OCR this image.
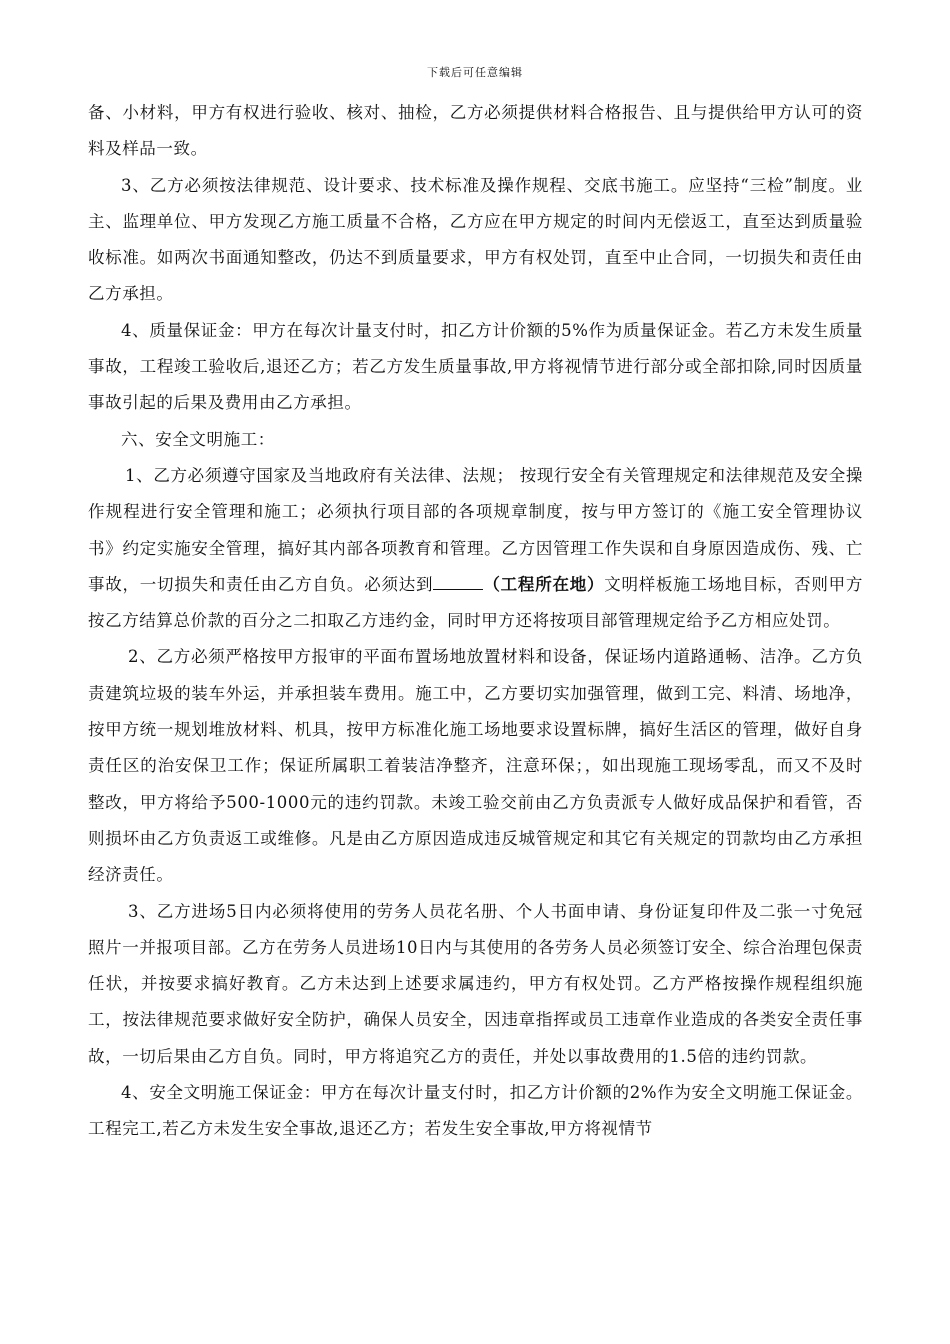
下载后可任意编辑

备、小材料，甲方有权进行验收、核对、抽检，乙方必须提供材料合格报告、且与提供给甲方认可的资料及样品一致。

3、乙方必须按法律规范、设计要求、技术标准及操作规程、交底书施工。应坚持“三检”制度。业主、监理单位、甲方发现乙方施工质量不合格，乙方应在甲方规定的时间内无偿返工，直至达到质量验收标准。如两次书面通知整改，仍达不到质量要求，甲方有权处罚，直至中止合同，一切损失和责任由乙方承担。

4、质量保证金：甲方在每次计量支付时，扣乙方计价额的5%作为质量保证金。若乙方未发生质量事故，工程竣工验收后,退还乙方；若乙方发生质量事故,甲方将视情节进行部分或全部扣除,同时因质量事故引起的后果及费用由乙方承担。

六、安全文明施工：

1、乙方必须遵守国家及当地政府有关法律、法规； 按现行安全有关管理规定和法律规范及安全操作规程进行安全管理和施工；必须执行项目部的各项规章制度，按与甲方签订的《施工安全管理协议书》约定实施安全管理，搞好其内部各项教育和管理。乙方因管理工作失误和自身原因造成伤、残、亡事故，一切损失和责任由乙方自负。必须达到	（工程所在地）文明样板施工场地目标，否则甲方按乙方结算总价款的百分之二扣取乙方违约金，同时甲方还将按项目部管理规定给予乙方相应处罚。

2、乙方必须严格按甲方报审的平面布置场地放置材料和设备，保证场内道路通畅、洁净。乙方负责建筑垃圾的装车外运，并承担装车费用。施工中，乙方要切实加强管理，做到工完、料清、场地净，按甲方统一规划堆放材料、机具，按甲方标准化施工场地要求设置标牌，搞好生活区的管理，做好自身责任区的治安保卫工作；保证所属职工着装洁净整齐，注意环保；，如出现施工现场零乱，而又不及时整改，甲方将给予500-1000元的违约罚款。未竣工验交前由乙方负责派专人做好成品保护和看管，否则损坏由乙方负责返工或维修。凡是由乙方原因造成违反城管规定和其它有关规定的罚款均由乙方承担经济责任。

3、乙方进场5日内必须将使用的劳务人员花名册、个人书面申请、身份证复印件及二张一寸免冠照片一并报项目部。乙方在劳务人员进场10日内与其使用的各劳务人员必须签订安全、综合治理包保责任状，并按要求搞好教育。乙方未达到上述要求属违约，甲方有权处罚。乙方严格按操作规程组织施工，按法律规范要求做好安全防护，确保人员安全，因违章指挥或员工违章作业造成的各类安全责任事故，一切后果由乙方自负。同时，甲方将追究乙方的责任，并处以事故费用的1.5倍的违约罚款。

4、安全文明施工保证金：甲方在每次计量支付时，扣乙方计价额的2%作为安全文明施工保证金。工程完工,若乙方未发生安全事故,退还乙方；若发生安全事故,甲方将视情节
